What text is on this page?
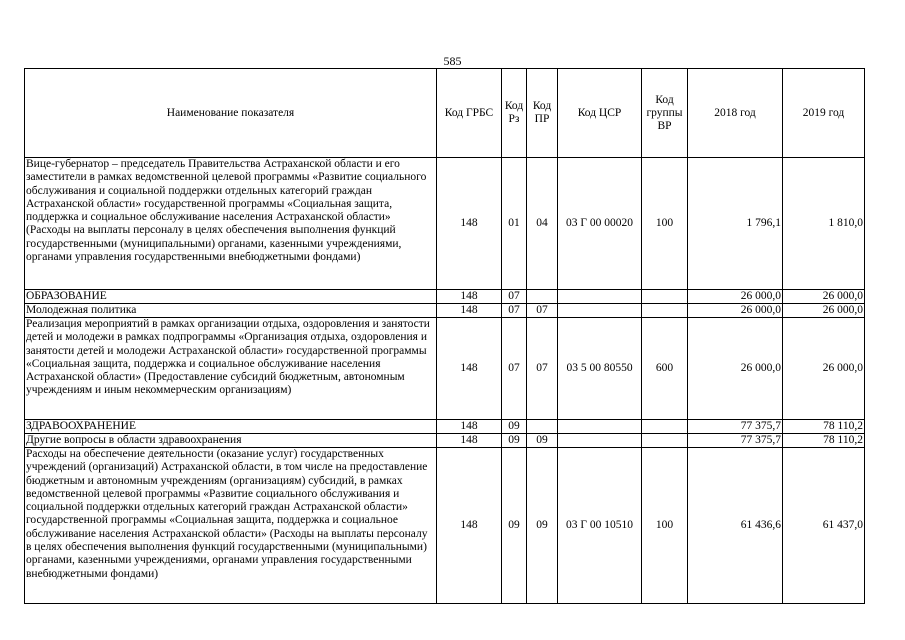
585
Наименование показателя	Код ГРБС	Код Рз	Код ПР	Код ЦСР	Код группы ВР	2018 год	2019 год
Вице-губернатор – председатель Правительства Астраханской области и его заместители в рамках ведомственной целевой программы «Развитие социального обслуживания и социальной поддержки отдельных категорий граждан Астраханской области» государственной программы «Социальная защита, поддержка и социальное обслуживание населения Астраханской области» (Расходы на выплаты персоналу в целях обеспечения выполнения функций государственными (муниципальными) органами, казенными учреждениями, органами управления государственными внебюджетными фондами)	148	01	04	03 Г 00 00020	100	1 796,1	1 810,0
ОБРАЗОВАНИЕ	148	07				26 000,0	26 000,0
Молодежная политика	148	07	07			26 000,0	26 000,0
Реализация мероприятий в рамках организации отдыха, оздоровления и занятости детей и молодежи в рамках подпрограммы «Организация отдыха, оздоровления и занятости детей и молодежи Астраханской области» государственной программы «Социальная защита, поддержка и социальное обслуживание населения Астраханской области» (Предоставление субсидий бюджетным, автономным учреждениям и иным некоммерческим организациям)	148	07	07	03 5 00 80550	600	26 000,0	26 000,0
ЗДРАВООХРАНЕНИЕ	148	09				77 375,7	78 110,2
Другие вопросы в области здравоохранения	148	09	09			77 375,7	78 110,2
Расходы на обеспечение деятельности (оказание услуг) государственных учреждений (организаций) Астраханской области, в том числе на предоставление бюджетным и автономным учреждениям (организациям) субсидий, в рамках ведомственной целевой программы «Развитие социального обслуживания и социальной поддержки отдельных категорий граждан Астраханской области» государственной программы «Социальная защита, поддержка и социальное обслуживание населения Астраханской области» (Расходы на выплаты персоналу в целях обеспечения выполнения функций государственными (муниципальными) органами, казенными учреждениями, органами управления государственными внебюджетными фондами)	148	09	09	03 Г 00 10510	100	61 436,6	61 437,0
